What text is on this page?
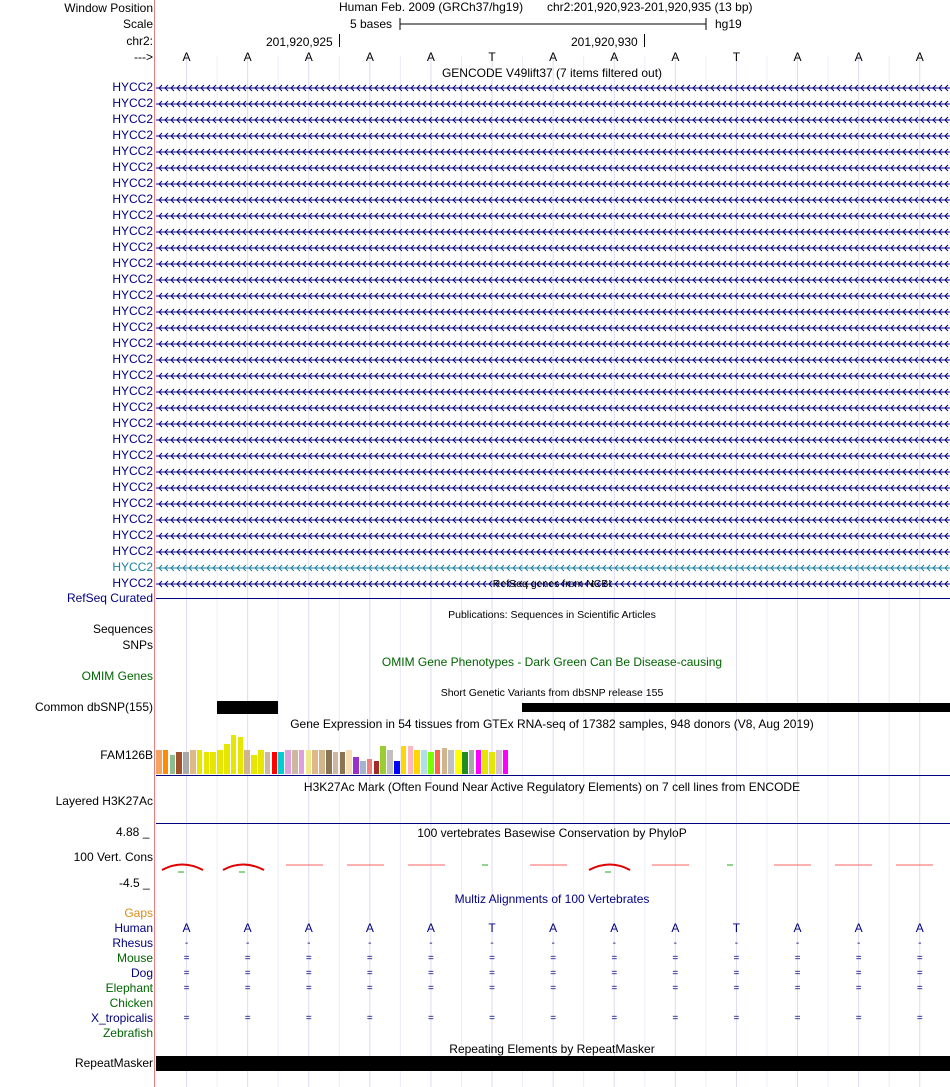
Window Position
Scale
chr2:
--->
Human Feb. 2009 (GRCh37/hg19) chr2:201,920,923-201,920,935 (13 bp)
5 bases	hg19
201,920,925	201,920,930
A	A	A	A	A	T	A	A	A	T	A	A	A
GENCODE V49lift37 (7 items filtered out)
HYCC2
HYCC2
HYCC2
HYCC2
HYCC2
HYCC2
HYCC2
HYCC2
HYCC2
HYCC2
HYCC2
HYCC2
HYCC2
HYCC2
HYCC2
HYCC2
HYCC2
HYCC2
HYCC2
HYCC2
HYCC2
HYCC2
HYCC2
HYCC2
HYCC2
HYCC2
HYCC2
HYCC2
HYCC2
HYCC2
HYCC2
HYCC2	RefSeq genes from NCBI
RefSeq Curated
Publications: Sequences in Scientific Articles
Sequences
SNPs
OMIM Gene Phenotypes - Dark Green Can Be Disease-causing
OMIM Genes
Short Genetic Variants from dbSNP release 155
Common dbSNP(155)
Gene Expression in 54 tissues from GTEx RNA-seq of 17382 samples, 948 donors (V8, Aug 2019)
FAM126B
H3K27Ac Mark (Often Found Near Active Regulatory Elements) on 7 cell lines from ENCODE
Layered H3K27Ac
100 vertebrates Basewise Conservation by PhyloP
4.88 _
100 Vert. Cons
-4.5 _
Multiz Alignments of 100 Vertebrates
Gaps
Human	A	A	A	A	A	T	A	A	A	T	A	A	A
Rhesus	-	-	-	-	-	-	-	-	-	-	-	-	-
Mouse	=	=	=	=	=	=	=	=	=	=	=	=	=
Dog	=	=	=	=	=	=	=	=	=	=	=	=	=
Elephant	=	=	=	=	=	=	=	=	=	=	=	=	=
Chicken
X_tropicalis	=	=	=	=	=	=	=	=	=	=	=	=	=
Zebrafish
Repeating Elements by RepeatMasker
RepeatMasker
